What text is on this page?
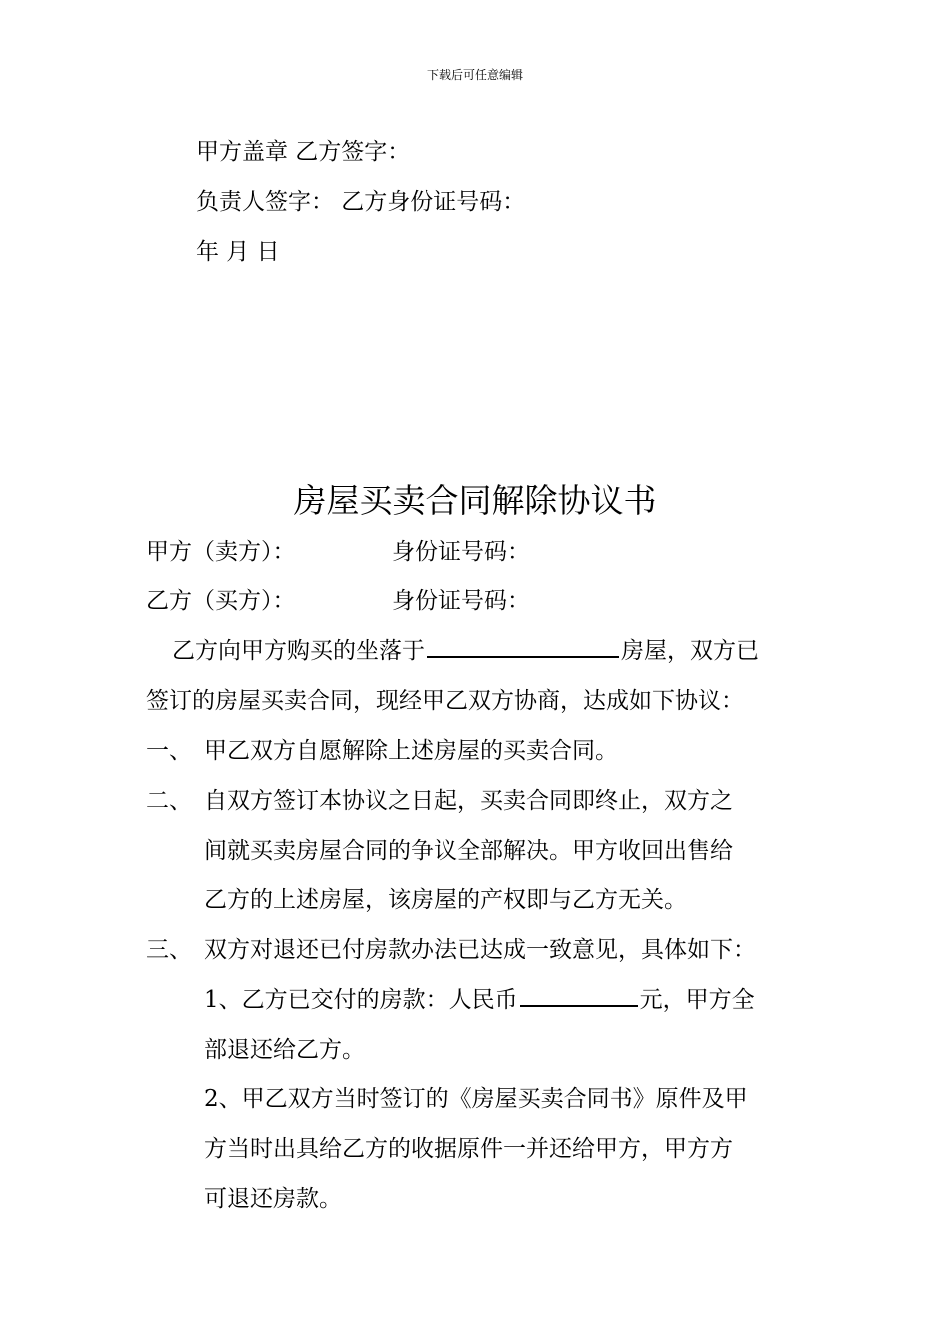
下载后可任意编辑
甲方盖章 乙方签字：
负责人签字： 乙方身份证号码：
年 月 日
房屋买卖合同解除协议书
甲方（卖方）：	身份证号码：
乙方（买方）：	身份证号码：
乙方向甲方购买的坐落于	房屋，双方已
签订的房屋买卖合同，现经甲乙双方协商，达成如下协议：
一、 甲乙双方自愿解除上述房屋的买卖合同。
二、 自双方签订本协议之日起，买卖合同即终止，双方之
间就买卖房屋合同的争议全部解决。甲方收回出售给
乙方的上述房屋，该房屋的产权即与乙方无关。
三、 双方对退还已付房款办法已达成一致意见，具体如下：
1、乙方已交付的房款：人民币	元，甲方全
部退还给乙方。
2、甲乙双方当时签订的《房屋买卖合同书》原件及甲
方当时出具给乙方的收据原件一并还给甲方，甲方方
可退还房款。
